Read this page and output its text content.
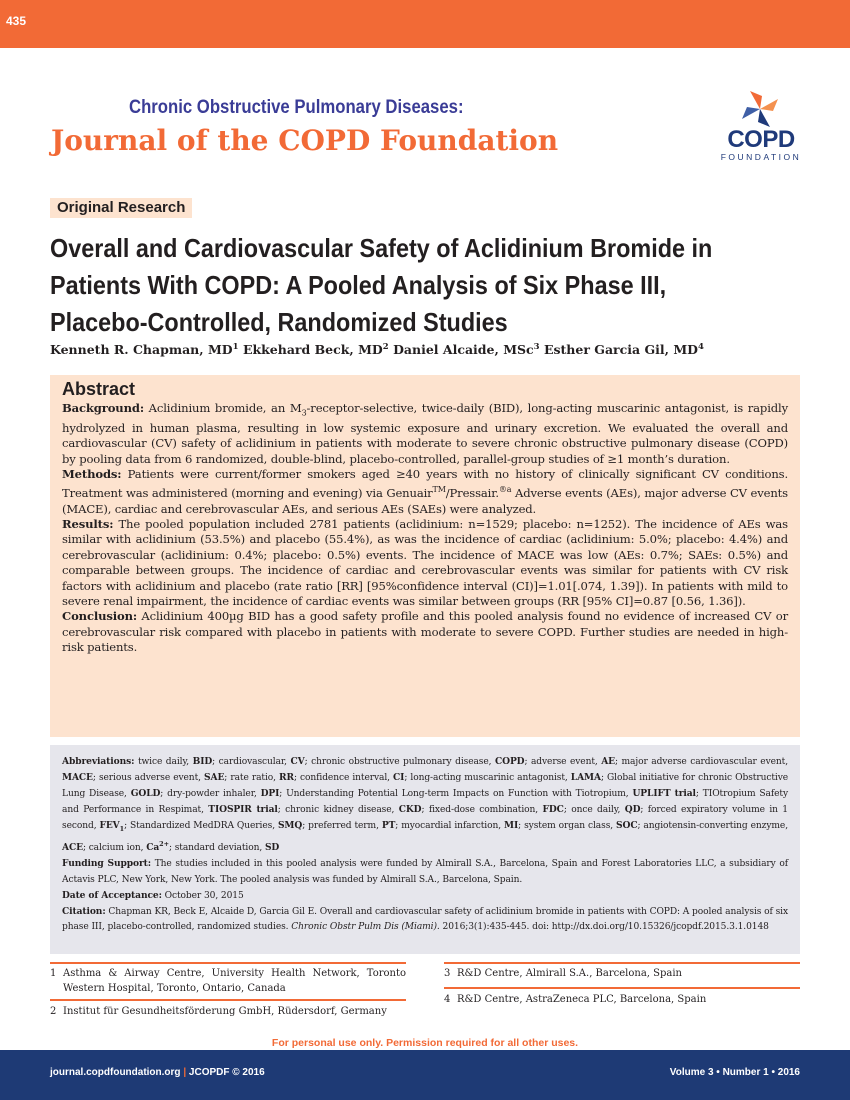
435
Chronic Obstructive Pulmonary Diseases:
Journal of the COPD Foundation	COPD
FOUNDATION
Original Research
Overall and Cardiovascular Safety of Aclidinium Bromide in Patients With COPD: A Pooled Analysis of Six Phase III, Placebo-Controlled, Randomized Studies
Kenneth R. Chapman, $MD^1$ Ekkehard Beck, $MD^2$ Daniel Alcaide, MSc$^3$ Esther Garcia Gil, $MD^4$
Abstract

Background: Aclidinium bromide, an $M_3-receptor$-selective, twice-daily (BID), long-acting muscarinic antagonist, is rapidly hydrolyzed in human plasma, resulting in low systemic exposure and urinary excretion. We evaluated the overall and cardiovascular (CV) safety of aclidinium in patients with moderate to severe chronic obstructive pulmonary disease (COPD) by pooling data from 6 randomized, double-blind, placebo-controlled, parallel-group studies of ≥1 month’s duration.

Methods: Patients were current/former smokers aged ≥40 years with no history of clinically significant CV conditions. Treatment was administered (morning and evening) via Genuair™/Pressair.$^{®a}$ Adverse events (AEs), major adverse CV events (MACE), cardiac and cerebrovascular AEs, and serious AEs (SAEs) were analyzed.

Results: The pooled population included 2781 patients (aclidinium: n=1529; placebo: n=1252). The incidence of AEs was similar with aclidinium (53.5%) and placebo (55.4%), as was the incidence of cardiac (aclidinium: 5.0%; placebo: 4.4%) and cerebrovascular (aclidinium: 0.4%; placebo: 0.5%) events. The incidence of MACE was low (AEs: 0.7%; SAEs: 0.5%) and comparable between groups. The incidence of cardiac and cerebrovascular events was similar for patients with CV risk factors with aclidinium and placebo (rate ratio [RR] [95%confidence interval (CI)]=1.01[.074, 1.39]). In patients with mild to severe renal impairment, the incidence of cardiac events was similar between groups (RR [95% CI]=0.87 [0.56, 1.36]).

Conclusion: Aclidinium 400µg BID has a good safety profile and this pooled analysis found no evidence of increased CV or cerebrovascular risk compared with placebo in patients with moderate to severe COPD. Further studies are needed in high-risk patients.

Abbreviations: twice daily, BID; cardiovascular, CV; chronic obstructive pulmonary disease, COPD; adverse event, AE; major adverse cardiovascular event, MACE; serious adverse event, SAE; rate ratio, RR; confidence interval, CI; long-acting muscarinic antagonist, LAMA; Global initiative for chronic Obstructive Lung Disease, GOLD; dry-powder inhaler, DPI; Understanding Potential Long-term Impacts on Function with Tiotropium, UPLIFT trial; TIOtropium Safety and Performance in Respimat, TIOSPIR trial; chronic kidney disease, CKD; fixed-dose combination, FDC; once daily, QD; forced expiratory volume in 1 second, $FEV_1$; Standardized MedDRA Queries, SMQ; preferred term, PT; myocardial infarction, MI; system organ class, SOC; angiotensin-converting enzyme, ACE; calcium ion, $Ca^{2+}$; standard deviation, SD

Funding Support: The studies included in this pooled analysis were funded by Almirall S.A., Barcelona, Spain and Forest Laboratories LLC, a subsidiary of Actavis PLC, New York, New York. The pooled analysis was funded by Almirall S.A., Barcelona, Spain.

Date of Acceptance: October 30, 2015

Citation: Chapman KR, Beck E, Alcaide D, Garcia Gil E. Overall and cardiovascular safety of aclidinium bromide in patients with COPD: A pooled analysis of six phase III, placebo-controlled, randomized studies. Chronic Obstr Pulm Dis (Miami). 2016;3(1):435-445. doi: http://dx.doi.org/10.15326/jcopdf.2015.3.1.0148

1 Asthma & Airway Centre, University Health Network, Toronto Western Hospital, Toronto, Ontario, Canada
2 Institut für Gesundheitsförderung GmbH, Rüdersdorf, Germany
3 R&D Centre, Almirall S.A., Barcelona, Spain
4 R&D Centre, AstraZeneca PLC, Barcelona, Spain
For personal use only. Permission required for all other uses.
journal.copdfoundation.org | JCOPDF © 2016	Volume 3 • Number 1 • 2016
